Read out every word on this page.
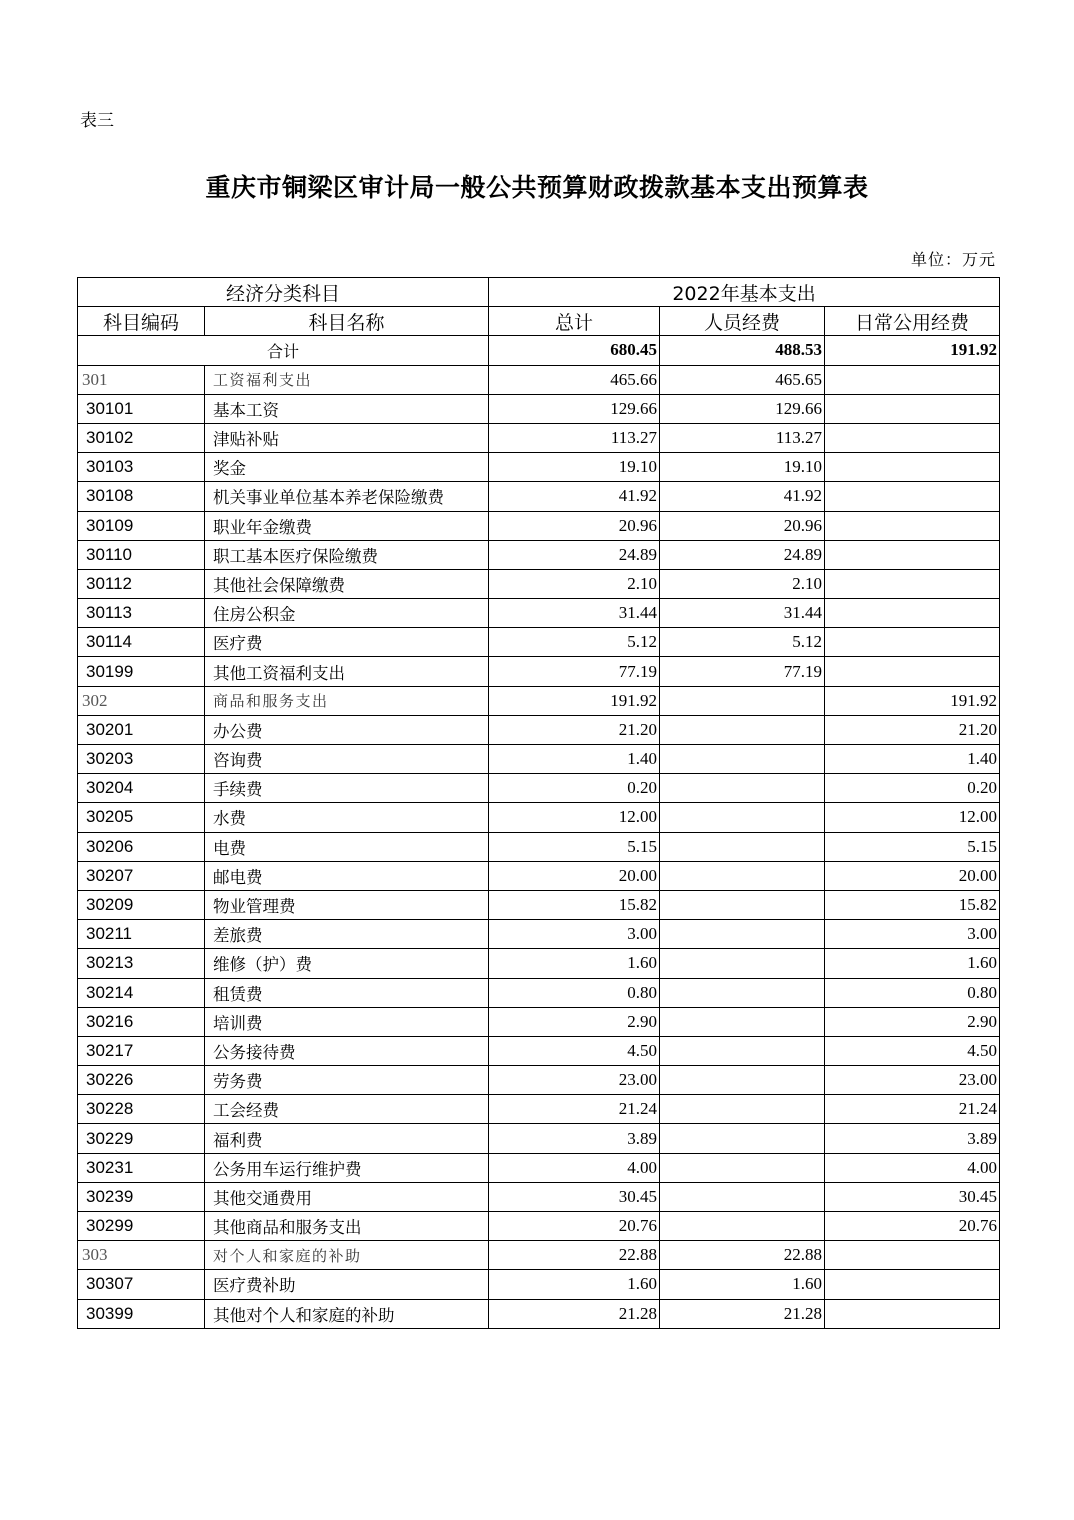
表三
重庆市铜梁区审计局一般公共预算财政拨款基本支出预算表
单位：万元
经济分类科目		2022年基本支出		
科目编码	科目名称	总计	人员经费	日常公用经费
合计		680.45	488.53	191.92
301	工资福利支出	465.66	465.65	
30101	基本工资	129.66	129.66	
30102	津贴补贴	113.27	113.27	
30103	奖金	19.10	19.10	
30108	机关事业单位基本养老保险缴费	41.92	41.92	
30109	职业年金缴费	20.96	20.96	
30110	职工基本医疗保险缴费	24.89	24.89	
30112	其他社会保障缴费	2.10	2.10	
30113	住房公积金	31.44	31.44	
30114	医疗费	5.12	5.12	
30199	其他工资福利支出	77.19	77.19	
302	商品和服务支出	191.92		191.92
30201	办公费	21.20		21.20
30203	咨询费	1.40		1.40
30204	手续费	0.20		0.20
30205	水费	12.00		12.00
30206	电费	5.15		5.15
30207	邮电费	20.00		20.00
30209	物业管理费	15.82		15.82
30211	差旅费	3.00		3.00
30213	维修（护）费	1.60		1.60
30214	租赁费	0.80		0.80
30216	培训费	2.90		2.90
30217	公务接待费	4.50		4.50
30226	劳务费	23.00		23.00
30228	工会经费	21.24		21.24
30229	福利费	3.89		3.89
30231	公务用车运行维护费	4.00		4.00
30239	其他交通费用	30.45		30.45
30299	其他商品和服务支出	20.76		20.76
303	对个人和家庭的补助	22.88	22.88	
30307	医疗费补助	1.60	1.60	
30399	其他对个人和家庭的补助	21.28	21.28	
